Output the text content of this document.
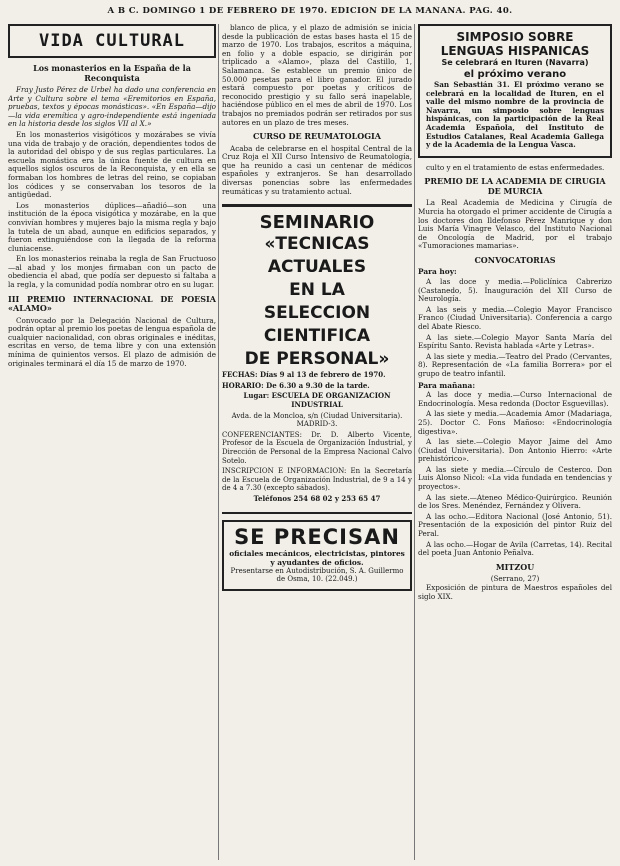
A B C. DOMINGO 1 DE FEBRERO DE 1970. EDICION DE LA MAÑANA. PAG. 40.
VIDA CULTURAL
Los monasterios en la España de la Reconquista

Fray Justo Pérez de Urbel ha dado una conferencia en Arte y Cultura sobre el tema «Eremitorios en España, pruebas, textos y épocas monásticas». «En España—dijo—la vida eremítica y agro-independiente está ingeniada en la historia desde los siglos VII al X.»

En los monasterios visigóticos y mozárabes se vivía una vida de trabajo y de oración, dependientes todos de la autoridad del obispo y de sus reglas particulares. La escuela monástica era la única fuente de cultura en aquellos siglos oscuros de la Reconquista, y en ella se formaban los hombres de letras del reino, se copiaban los códices y se conservaban los tesoros de la antigüedad.

Los monasterios dúplices—añadió—son una institución de la época visigótica y mozárabe, en la que convivían hombres y mujeres bajo la misma regla y bajo la tutela de un abad, aunque en edificios separados, y fueron extinguiéndose con la llegada de la reforma cluniacense.

En los monasterios reinaba la regla de San Fructuoso—al abad y los monjes firmaban con un pacto de obediencia el abad, que podía ser depuesto si faltaba a la regla, y la comunidad podía nombrar otro en su lugar.

III PREMIO INTERNACIONAL DE POESIA «ALAMO»

Convocado por la Delegación Nacional de Cultura, podrán optar al premio los poetas de lengua española de cualquier nacionalidad, con obras originales e inéditas, escritas en verso, de tema libre y con una extensión mínima de quinientos versos. El plazo de admisión de originales terminará el día 15 de marzo de 1970.

blanco de plica, y el plazo de admisión se inicia desde la publicación de estas bases hasta el 15 de marzo de 1970. Los trabajos, escritos a máquina, en folio y a doble espacio, se dirigirán por triplicado a «Alamo», plaza del Castillo, 1, Salamanca. Se establece un premio único de 50.000 pesetas para el libro ganador. El jurado estará compuesto por poetas y críticos de reconocido prestigio y su fallo será inapelable, haciéndose público en el mes de abril de 1970. Los trabajos no premiados podrán ser retirados por sus autores en un plazo de tres meses.

CURSO DE REUMATOLOGIA

Acaba de celebrarse en el hospital Central de la Cruz Roja el XII Curso Intensivo de Reumatología, que ha reunido a casi un centenar de médicos españoles y extranjeros. Se han desarrollado diversas ponencias sobre las enfermedades reumáticas y su tratamiento actual.

SEMINARIO
«TECNICAS ACTUALES
EN LA
SELECCION CIENTIFICA
DE PERSONAL»
FECHAS: Días 9 al 13 de febrero de 1970.
HORARIO: De 6.30 a 9.30 de la tarde.
Lugar: ESCUELA DE ORGANIZACION INDUSTRIAL
Avda. de la Moncloa, s/n (Ciudad Universitaria). MADRID-3.
CONFERENCIANTES: Dr. D. Alberto Vicente, Profesor de la Escuela de Organización Industrial, y Dirección de Personal de la Empresa Nacional Calvo Sotelo.
INSCRIPCION E INFORMACION: En la Secretaría de la Escuela de Organización Industrial, de 9 a 14 y de 4 a 7.30 (excepto sábados).
Teléfonos 254 68 02 y 253 65 47
SE PRECISAN
oficiales mecánicos, electricistas, pintores y ayudantes de oficios.
Presentarse en Autodistribución, S. A. Guillermo de Osma, 10. (22.049.)
SIMPOSIO SOBRE LENGUAS HISPANICAS
Se celebrará en Ituren (Navarra)
el próximo verano

San Sebastián 31. El próximo verano se celebrará en la localidad de Ituren, en el valle del mismo nombre de la provincia de Navarra, un simposio sobre lenguas hispánicas, con la participación de la Real Academia Española, del Instituto de Estudios Catalanes, Real Academia Gallega y de la Academia de la Lengua Vasca.

culto y en el tratamiento de estas enfermedades.

PREMIO DE LA ACADEMIA DE CIRUGIA DE MURCIA

La Real Academia de Medicina y Cirugía de Murcia ha otorgado el primer accidente de Cirugía a los doctores don Ildefonso Pérez Manrique y don Luis María Vinagre Velasco, del Instituto Nacional de Oncología de Madrid, por el trabajo «Tumoraciones mamarias».

CONVOCATORIAS
Para hoy:

A las doce y media.—Policlínica Cabrerizo (Castanedo, 5). Inauguración del XII Curso de Neurología.

A las seis y media.—Colegio Mayor Francisco Franco (Ciudad Universitaria). Conferencia a cargo del Abate Riesco.

A las siete.—Colegio Mayor Santa María del Espíritu Santo. Revista hablada «Arte y Letras».

A las siete y media.—Teatro del Prado (Cervantes, 8). Representación de «La familia Borrera» por el grupo de teatro infantil.

Para mañana:

A las doce y media.—Curso Internacional de Endocrinología. Mesa redonda (Doctor Esguevillas).

A las siete y media.—Academia Amor (Madariaga, 25). Doctor C. Fons Mañoso: «Endocrinología digestiva».

A las siete.—Colegio Mayor Jaime del Amo (Ciudad Universitaria). Don Antonio Hierro: «Arte prehistórico».

A las siete y media.—Círculo de Cesterco. Don Luis Alonso Nicol: «La vida fundada en tendencias y proyectos».

A las siete.—Ateneo Médico-Quirúrgico. Reunión de los Sres. Menéndez, Fernández y Olivera.

A las ocho.—Editora Nacional (José Antonio, 51). Presentación de la exposición del pintor Ruiz del Peral.

A las ocho.—Hogar de Avila (Carretas, 14). Recital del poeta Juan Antonio Peñalva.

MITZOU
(Serrano, 27)

Exposición de pintura de Maestros españoles del siglo XIX.
